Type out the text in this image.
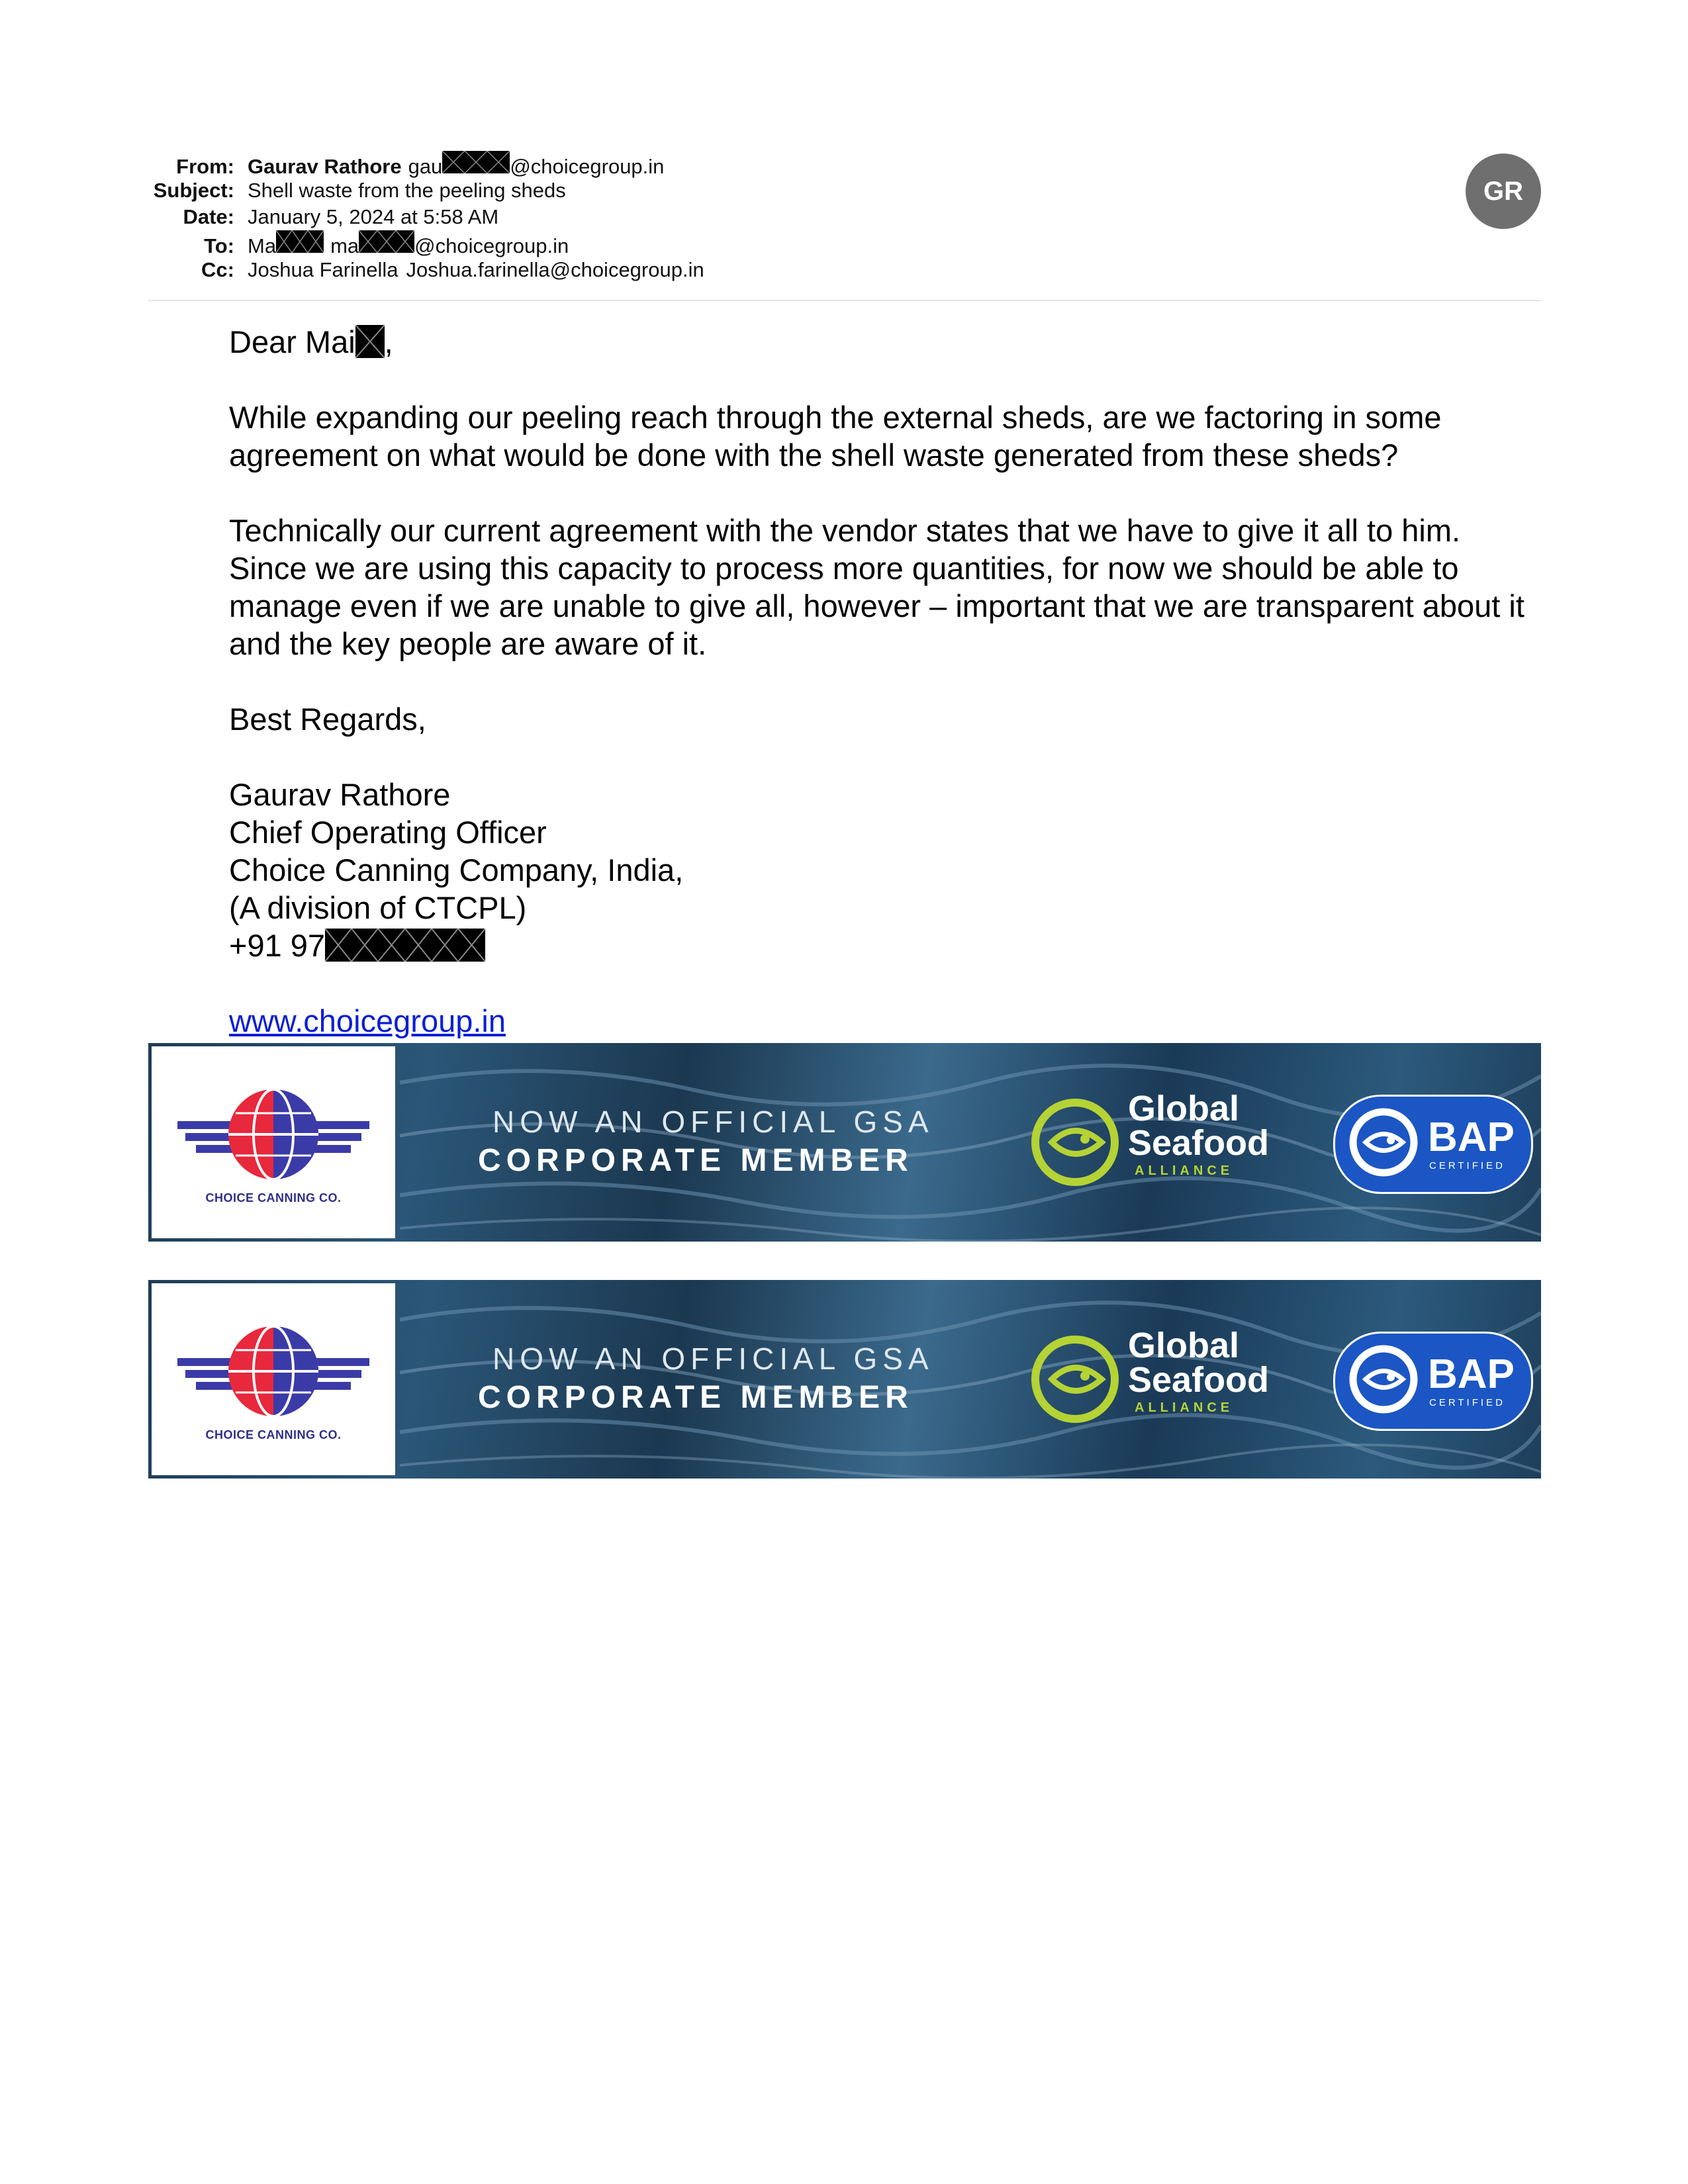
From: Gaurav Rathore gau	@choicegroup.in
Subject: Shell waste from the peeling sheds
Date: January 5, 2024 at 5:58 AM
To: Ma	ma	@choicegroup.in
Cc: Joshua Farinella Joshua.farinella@choicegroup.in
GR

Dear Mai ,

While expanding our peeling reach through the external sheds, are we factoring in some agreement on what would be done with the shell waste generated from these sheds?

Technically our current agreement with the vendor states that we have to give it all to him. Since we are using this capacity to process more quantities, for now we should be able to manage even if we are unable to give all, however – important that we are transparent about it and the key people are aware of it.

Best Regards,

Gaurav Rathore

Chief Operating Officer

Choice Canning Company, India,

(A division of CTCPL)

+91 97

www.choicegroup.in

CHOICE CANNING CO.
NOW AN OFFICIAL GSA
CORPORATE MEMBER
Global
Seafood
ALLIANCE
BAP
CERTIFIED
CHOICE CANNING CO.
NOW AN OFFICIAL GSA
CORPORATE MEMBER
Global
Seafood
ALLIANCE
BAP
CERTIFIED
